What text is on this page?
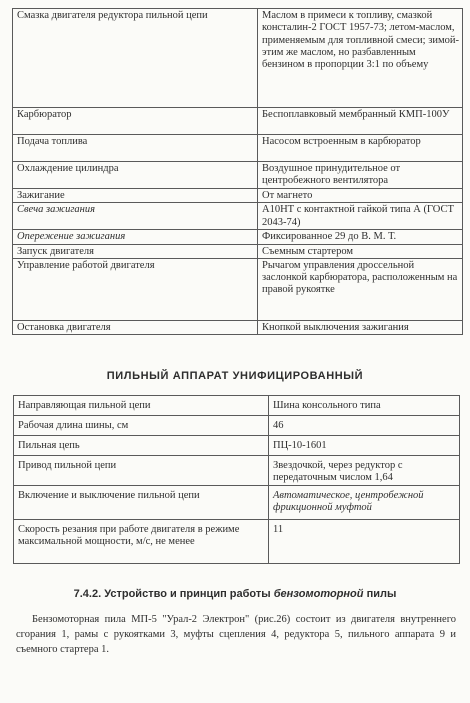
Смазка двигателя редуктора пильной цепи	Маслом в примеси к топливу, смазкой консталин-2 ГОСТ 1957-73; летом-маслом, применяемым для топливной смеси; зимой-этим же маслом, но разбавленным бензином в пропорции 3:1 по объему
Карбюратор	Беспоплавковый мембранный КМП-100У
Подача топлива	Насосом встроенным в карбюратор
Охлаждение цилиндра	Воздушное принудительное от центробежного вентилятора
Зажигание	От магнето
Свеча зажигания	А10НТ с контактной гайкой типа А (ГОСТ 2043-74)
Опережение зажигания	Фиксированное 29 до В. М. Т.
Запуск двигателя	Съемным стартером
Управление работой двигателя	Рычагом управления дроссельной заслонкой карбюратора, расположенным на правой рукоятке
Остановка двигателя	Кнопкой выключения зажигания
ПИЛЬНЫЙ АППАРАТ УНИФИЦИРОВАННЫЙ
Направляющая пильной цепи	Шина консольного типа
Рабочая длина шины, см	46
Пильная цепь	ПЦ-10-1601
Привод пильной цепи	Звездочкой, через редуктор с передаточным числом 1,64
Включение и выключение пильной цепи	Автоматическое, центробежной фрикционной муфтой
Скорость резания при работе двигателя в режиме максимальной мощности, м/с, не менее	11
7.4.2. Устройство и принцип работы бензомоторной пилы

Бензомоторная пила МП-5 "Урал-2 Электрон" (рис.26) состоит из двигателя внутреннего сгорания 1, рамы с рукоятками 3, муфты сцепления 4, редуктора 5, пильного аппарата 9 и съемного стартера 1.
